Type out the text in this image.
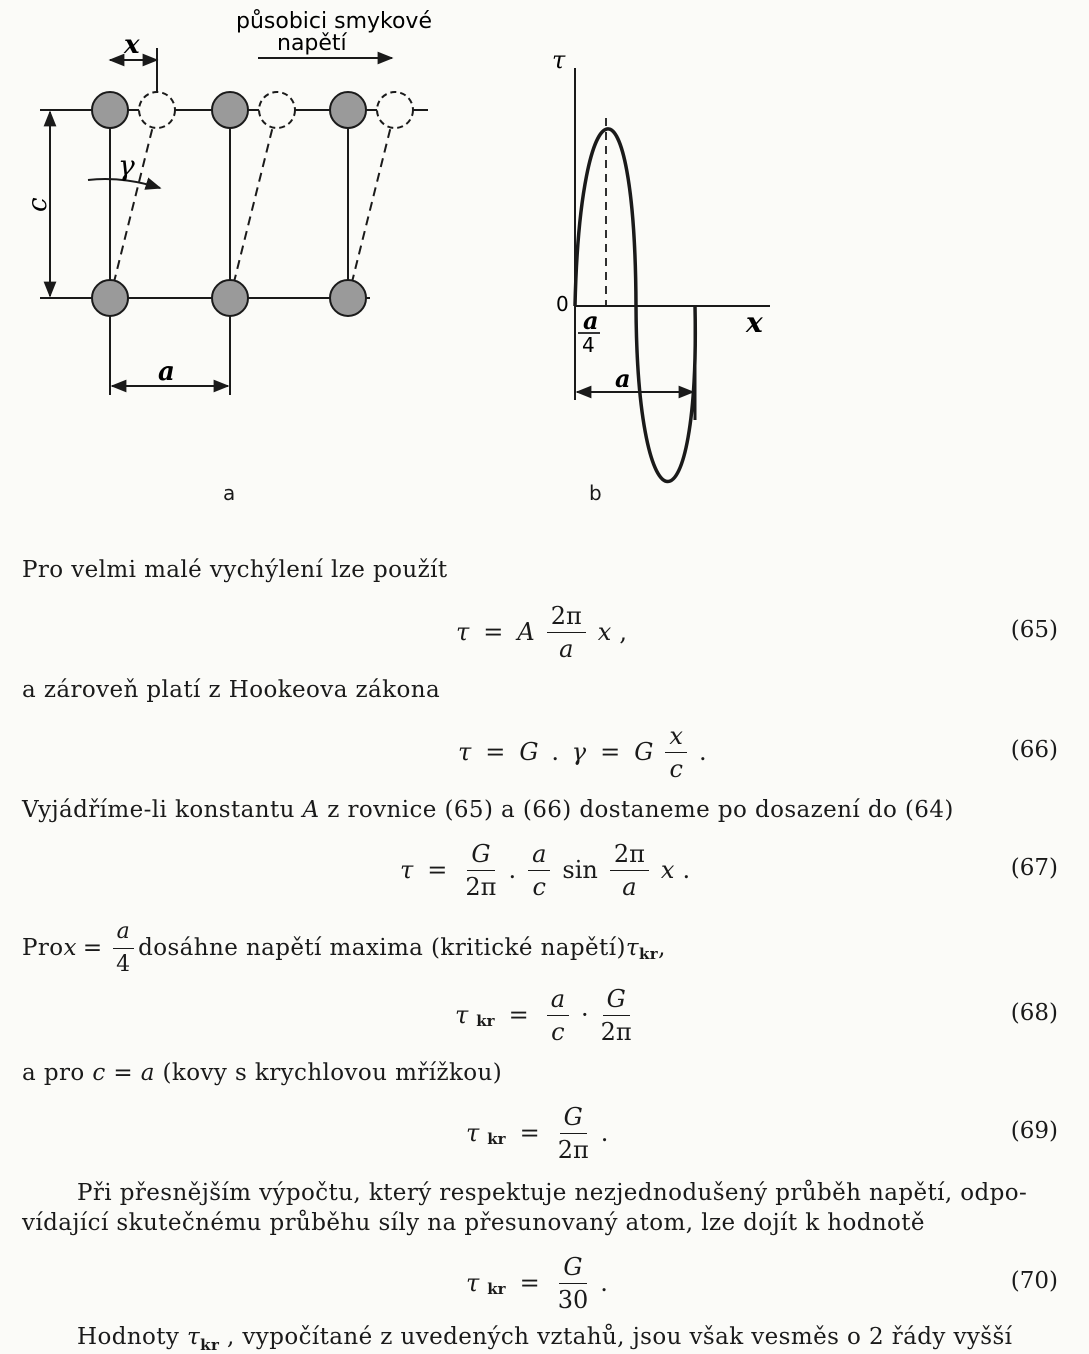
x
γ
c
a
působici smykové
napětí
a
τ
x
0
a
4
a
b
Pro velmi malé vychýlení lze použít
τ = A $\frac{2\pi}{a}$ x ,	(65)
a zároveň platí z Hookeova zákona
τ = G  .  γ = G $\frac{x}{c}$ .	(66)
Vyjádříme-li konstantu A z rovnice (65) a (66) dostaneme po dosazení do (64)
$\tau = \frac{G}{2\pi}$ . $\frac{a}{c}$ $\sin \frac{2\pi}{a}$ x .	(67)
Pro $x = \frac{a}{4}$ dosáhne napětí maxima (kritické napětí) τ kr ,
τ kr = $\frac{a}{c} \cdot \frac{G}{2\pi}$	(68)
a pro c = a (kovy s krychlovou mřížkou)
τ kr = $\frac{G}{2\pi}$ .	(69)
Při přesnějším výpočtu, který respektuje nezjednodušený průběh napětí, odpo-
vídající skutečnému průběhu síly na přesunovaný atom, lze dojít k hodnotě
τ kr = $\frac{G}{30}$ .	(70)
Hodnoty $\tau_{kr}$ , vypočítané z uvedených vztahů, jsou však vesměs o 2 řády vyšší
